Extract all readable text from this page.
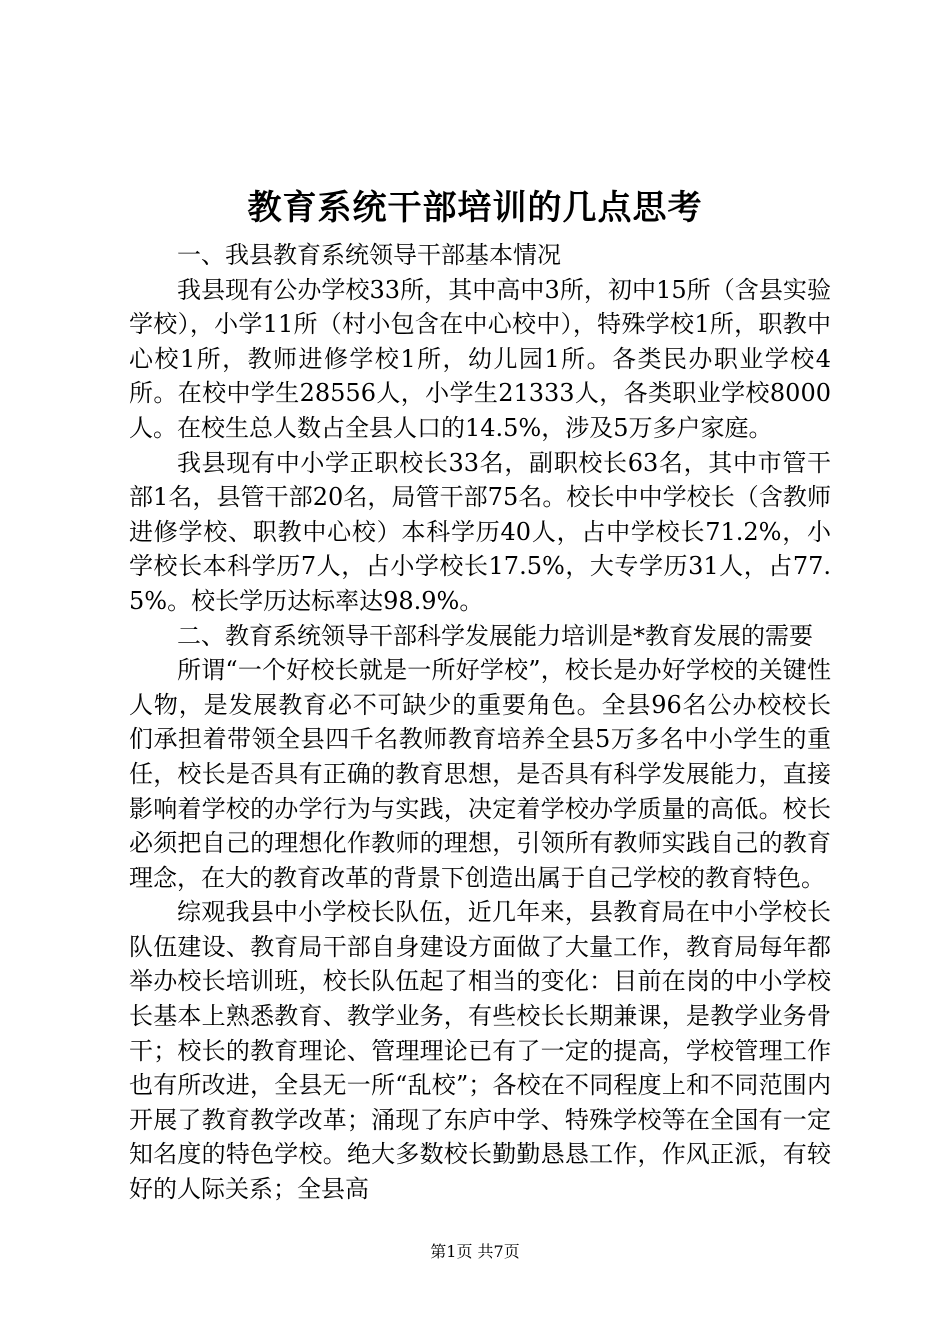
教育系统干部培训的几点思考

一、我县教育系统领导干部基本情况

我县现有公办学校33所，其中高中3所，初中15所（含县实验学校），小学11所（村小包含在中心校中），特殊学校1所，职教中心校1所，教师进修学校1所，幼儿园1所。各类民办职业学校4所。在校中学生28556人，小学生21333人，各类职业学校8000人。在校生总人数占全县人口的14.5%，涉及5万多户家庭。

我县现有中小学正职校长33名，副职校长63名，其中市管干部1名，县管干部20名，局管干部75名。校长中中学校长（含教师进修学校、职教中心校）本科学历40人，占中学校长71.2%，小学校长本科学历7人，占小学校长17.5%，大专学历31人，占77.5%。校长学历达标率达98.9%。

二、教育系统领导干部科学发展能力培训是*教育发展的需要

所谓“一个好校长就是一所好学校”，校长是办好学校的关键性人物，是发展教育必不可缺少的重要角色。全县96名公办校校长们承担着带领全县四千名教师教育培养全县5万多名中小学生的重任，校长是否具有正确的教育思想，是否具有科学发展能力，直接影响着学校的办学行为与实践，决定着学校办学质量的高低。校长必须把自己的理想化作教师的理想，引领所有教师实践自己的教育理念，在大的教育改革的背景下创造出属于自己学校的教育特色。

综观我县中小学校长队伍，近几年来，县教育局在中小学校长队伍建设、教育局干部自身建设方面做了大量工作，教育局每年都举办校长培训班，校长队伍起了相当的变化：目前在岗的中小学校长基本上熟悉教育、教学业务，有些校长长期兼课，是教学业务骨干；校长的教育理论、管理理论已有了一定的提高，学校管理工作也有所改进，全县无一所“乱校”；各校在不同程度上和不同范围内开展了教育教学改革；涌现了东庐中学、特殊学校等在全国有一定知名度的特色学校。绝大多数校长勤勤恳恳工作，作风正派，有较好的人际关系；全县高

第1页 共7页
